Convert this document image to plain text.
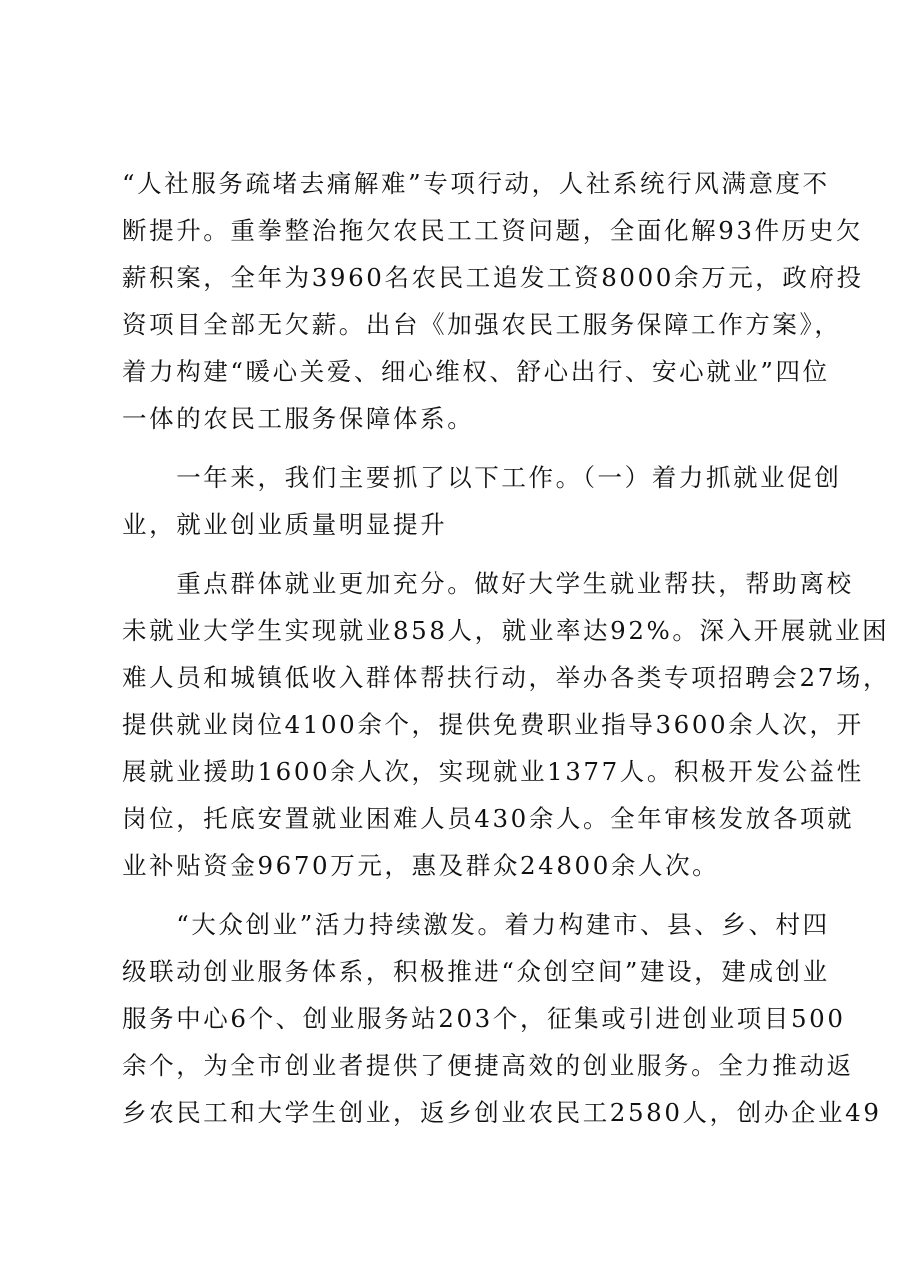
“人社服务疏堵去痛解难”专项行动，人社系统行风满意度不
断提升。重拳整治拖欠农民工工资问题，全面化解93件历史欠
薪积案，全年为3960名农民工追发工资8000余万元，政府投
资项目全部无欠薪。出台《加强农民工服务保障工作方案》，
着力构建“暖心关爱、细心维权、舒心出行、安心就业”四位
一体的农民工服务保障体系。
　　一年来，我们主要抓了以下工作。（一）着力抓就业促创
业，就业创业质量明显提升
　　重点群体就业更加充分。做好大学生就业帮扶，帮助离校
未就业大学生实现就业858人，就业率达92%。深入开展就业困
难人员和城镇低收入群体帮扶行动，举办各类专项招聘会27场，
提供就业岗位4100余个，提供免费职业指导3600余人次，开
展就业援助1600余人次，实现就业1377人。积极开发公益性
岗位，托底安置就业困难人员430余人。全年审核发放各项就
业补贴资金9670万元，惠及群众24800余人次。
　　“大众创业”活力持续激发。着力构建市、县、乡、村四
级联动创业服务体系，积极推进“众创空间”建设，建成创业
服务中心6个、创业服务站203个，征集或引进创业项目500
余个，为全市创业者提供了便捷高效的创业服务。全力推动返
乡农民工和大学生创业，返乡创业农民工2580人，创办企业49
